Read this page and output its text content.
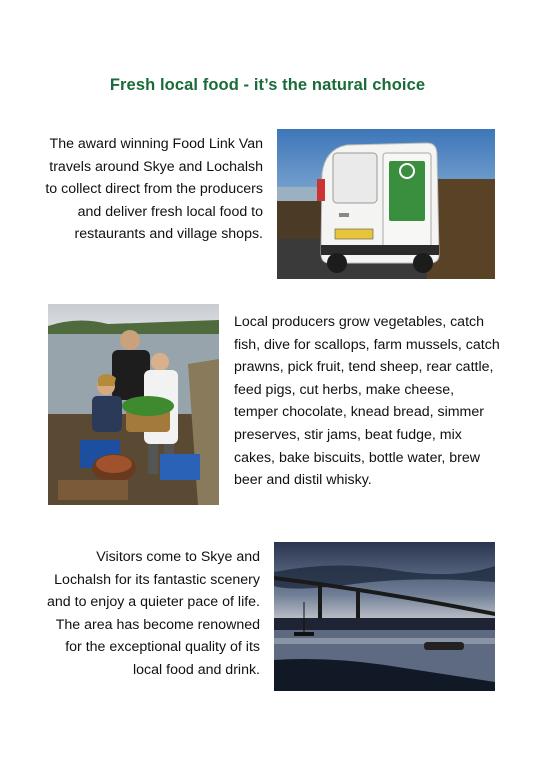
Fresh local food - it’s the natural choice
The award winning Food Link Van travels around Skye and Lochalsh to collect direct from the producers and deliver fresh local food to restaurants and village shops.
Local producers grow vegetables, catch fish, dive for scallops, farm mussels, catch prawns, pick fruit, tend sheep, rear cattle, feed pigs, cut herbs, make cheese, temper chocolate, knead bread, simmer preserves, stir jams, beat fudge, mix cakes, bake biscuits, bottle water, brew beer and distil whisky.
Visitors come to Skye and Lochalsh for its fantastic scenery and to enjoy a quieter pace of life. The area has become renowned for the exceptional quality of its local food and drink.
